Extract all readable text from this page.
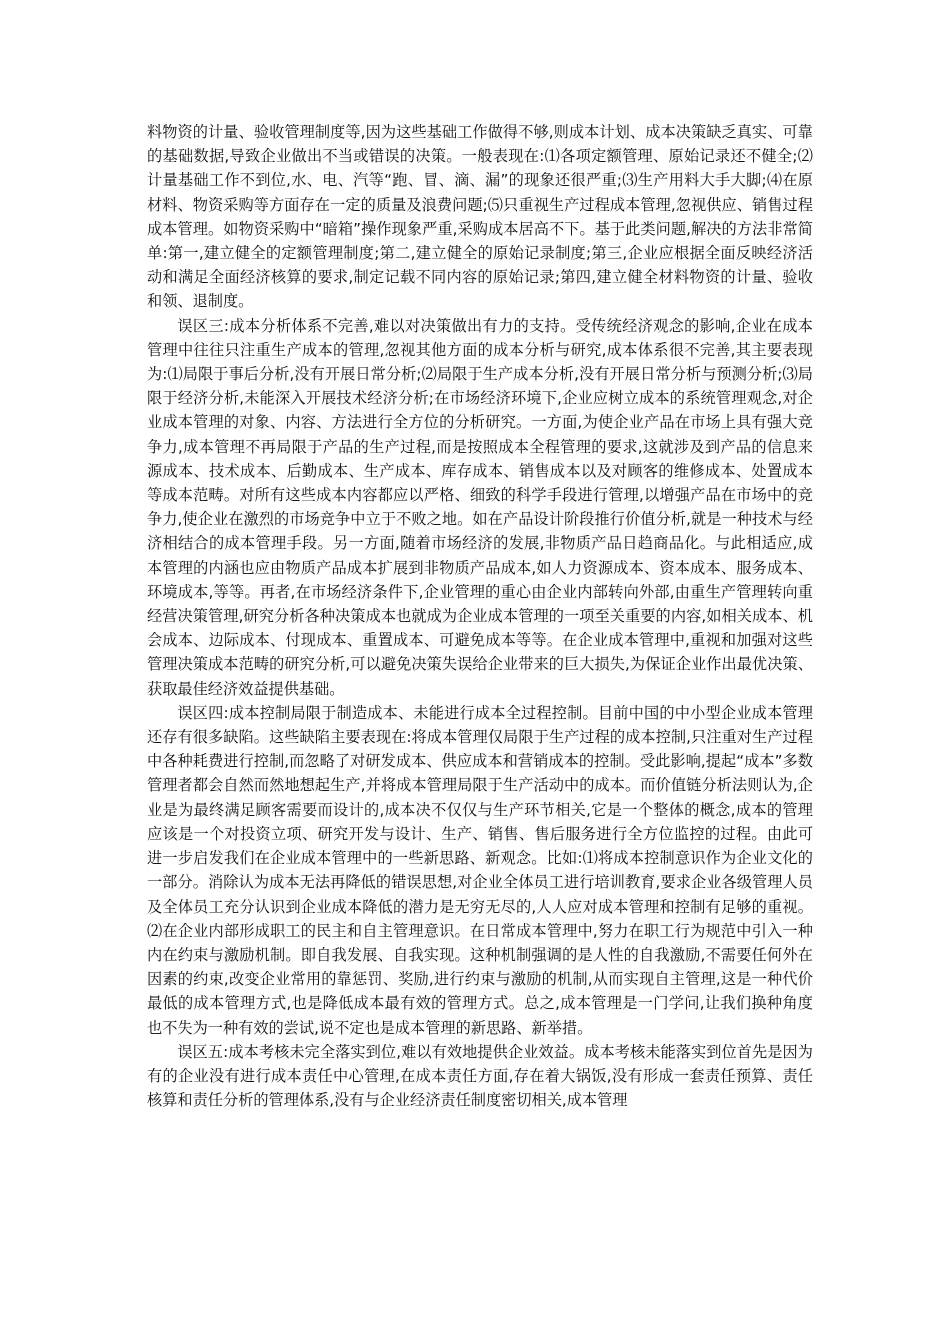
料物资的计量、验收管理制度等,因为这些基础工作做得不够,则成本计划、成本决策缺乏真实、可靠的基础数据,导致企业做出不当或错误的决策。一般表现在:⑴各项定额管理、原始记录还不健全;⑵计量基础工作不到位,水、电、汽等“跑、冒、滴、漏”的现象还很严重;⑶生产用料大手大脚;⑷在原材料、物资采购等方面存在一定的质量及浪费问题;⑸只重视生产过程成本管理,忽视供应、销售过程成本管理。如物资采购中“暗箱”操作现象严重,采购成本居高不下。基于此类问题,解决的方法非常简单:第一,建立健全的定额管理制度;第二,建立健全的原始记录制度;第三,企业应根据全面反映经济活动和满足全面经济核算的要求,制定记载不同内容的原始记录;第四,建立健全材料物资的计量、验收和领、退制度。

误区三:成本分析体系不完善,难以对决策做出有力的支持。受传统经济观念的影响,企业在成本管理中往往只注重生产成本的管理,忽视其他方面的成本分析与研究,成本体系很不完善,其主要表现为:⑴局限于事后分析,没有开展日常分析;⑵局限于生产成本分析,没有开展日常分析与预测分析;⑶局限于经济分析,未能深入开展技术经济分析;在市场经济环境下,企业应树立成本的系统管理观念,对企业成本管理的对象、内容、方法进行全方位的分析研究。一方面,为使企业产品在市场上具有强大竞争力,成本管理不再局限于产品的生产过程,而是按照成本全程管理的要求,这就涉及到产品的信息来源成本、技术成本、后勤成本、生产成本、库存成本、销售成本以及对顾客的维修成本、处置成本等成本范畴。对所有这些成本内容都应以严格、细致的科学手段进行管理,以增强产品在市场中的竞争力,使企业在激烈的市场竞争中立于不败之地。如在产品设计阶段推行价值分析,就是一种技术与经济相结合的成本管理手段。另一方面,随着市场经济的发展,非物质产品日趋商品化。与此相适应,成本管理的内涵也应由物质产品成本扩展到非物质产品成本,如人力资源成本、资本成本、服务成本、环境成本,等等。再者,在市场经济条件下,企业管理的重心由企业内部转向外部,由重生产管理转向重经营决策管理,研究分析各种决策成本也就成为企业成本管理的一项至关重要的内容,如相关成本、机会成本、边际成本、付现成本、重置成本、可避免成本等等。在企业成本管理中,重视和加强对这些管理决策成本范畴的研究分析,可以避免决策失误给企业带来的巨大损失,为保证企业作出最优决策、获取最佳经济效益提供基础。

误区四:成本控制局限于制造成本、未能进行成本全过程控制。目前中国的中小型企业成本管理还存有很多缺陷。这些缺陷主要表现在:将成本管理仅局限于生产过程的成本控制,只注重对生产过程中各种耗费进行控制,而忽略了对研发成本、供应成本和营销成本的控制。受此影响,提起“成本”多数管理者都会自然而然地想起生产,并将成本管理局限于生产活动中的成本。而价值链分析法则认为,企业是为最终满足顾客需要而设计的,成本决不仅仅与生产环节相关,它是一个整体的概念,成本的管理应该是一个对投资立项、研究开发与设计、生产、销售、售后服务进行全方位监控的过程。由此可进一步启发我们在企业成本管理中的一些新思路、新观念。比如:⑴将成本控制意识作为企业文化的一部分。消除认为成本无法再降低的错误思想,对企业全体员工进行培训教育,要求企业各级管理人员及全体员工充分认识到企业成本降低的潜力是无穷无尽的,人人应对成本管理和控制有足够的重视。⑵在企业内部形成职工的民主和自主管理意识。在日常成本管理中,努力在职工行为规范中引入一种内在约束与激励机制。即自我发展、自我实现。这种机制强调的是人性的自我激励,不需要任何外在因素的约束,改变企业常用的靠惩罚、奖励,进行约束与激励的机制,从而实现自主管理,这是一种代价最低的成本管理方式,也是降低成本最有效的管理方式。总之,成本管理是一门学问,让我们换种角度也不失为一种有效的尝试,说不定也是成本管理的新思路、新举措。

误区五:成本考核未完全落实到位,难以有效地提供企业效益。成本考核未能落实到位首先是因为有的企业没有进行成本责任中心管理,在成本责任方面,存在着大锅饭,没有形成一套责任预算、责任核算和责任分析的管理体系,没有与企业经济责任制度密切相关,成本管理
